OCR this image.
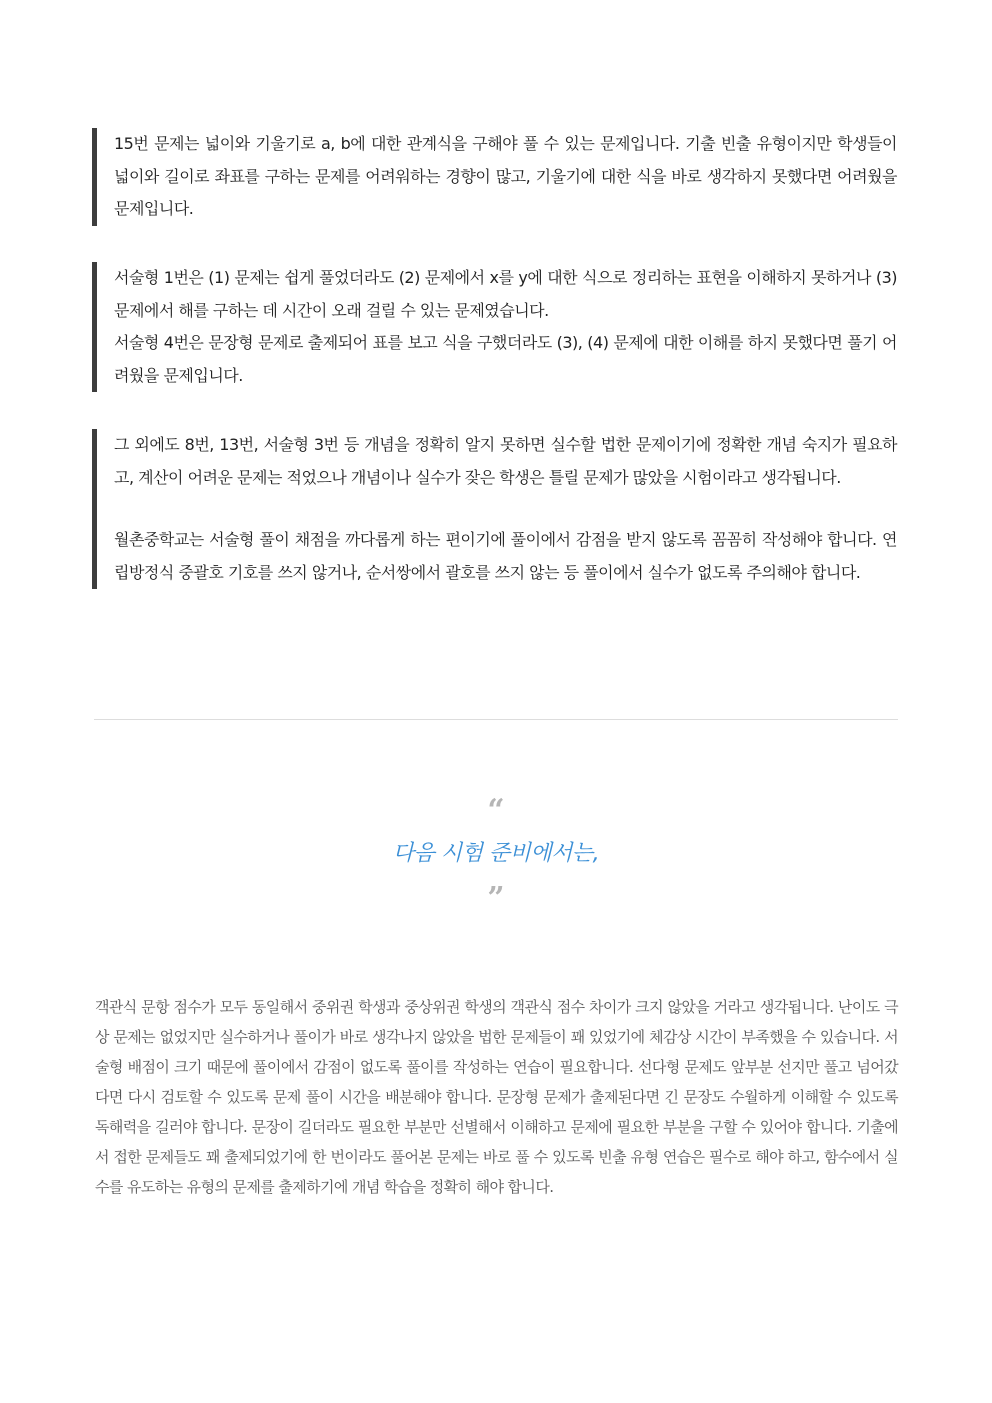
15번 문제는 넓이와 기울기로 a, b에 대한 관계식을 구해야 풀 수 있는 문제입니다. 기출 빈출 유형이지만 학생들이 넓이와 길이로 좌표를 구하는 문제를 어려워하는 경향이 많고, 기울기에 대한 식을 바로 생각하지 못했다면 어려웠을 문제입니다.

서술형 1번은 (1) 문제는 쉽게 풀었더라도 (2) 문제에서 x를 y에 대한 식으로 정리하는 표현을 이해하지 못하거나 (3) 문제에서 해를 구하는 데 시간이 오래 걸릴 수 있는 문제였습니다.

서술형 4번은 문장형 문제로 출제되어 표를 보고 식을 구했더라도 (3), (4) 문제에 대한 이해를 하지 못했다면 풀기 어려웠을 문제입니다.

그 외에도 8번, 13번, 서술형 3번 등 개념을 정확히 알지 못하면 실수할 법한 문제이기에 정확한 개념 숙지가 필요하고, 계산이 어려운 문제는 적었으나 개념이나 실수가 잦은 학생은 틀릴 문제가 많았을 시험이라고 생각됩니다.

월촌중학교는 서술형 풀이 채점을 까다롭게 하는 편이기에 풀이에서 감점을 받지 않도록 꼼꼼히 작성해야 합니다. 연립방정식 중괄호 기호를 쓰지 않거나, 순서쌍에서 괄호를 쓰지 않는 등 풀이에서 실수가 없도록 주의해야 합니다.

“
다음 시험 준비에서는,
”

객관식 문항 점수가 모두 동일해서 중위권 학생과 중상위권 학생의 객관식 점수 차이가 크지 않았을 거라고 생각됩니다. 난이도 극상 문제는 없었지만 실수하거나 풀이가 바로 생각나지 않았을 법한 문제들이 꽤 있었기에 체감상 시간이 부족했을 수 있습니다. 서술형 배점이 크기 때문에 풀이에서 감점이 없도록 풀이를 작성하는 연습이 필요합니다. 선다형 문제도 앞부분 선지만 풀고 넘어갔다면 다시 검토할 수 있도록 문제 풀이 시간을 배분해야 합니다. 문장형 문제가 출제된다면 긴 문장도 수월하게 이해할 수 있도록 독해력을 길러야 합니다. 문장이 길더라도 필요한 부분만 선별해서 이해하고 문제에 필요한 부분을 구할 수 있어야 합니다. 기출에서 접한 문제들도 꽤 출제되었기에 한 번이라도 풀어본 문제는 바로 풀 수 있도록 빈출 유형 연습은 필수로 해야 하고, 함수에서 실수를 유도하는 유형의 문제를 출제하기에 개념 학습을 정확히 해야 합니다.
